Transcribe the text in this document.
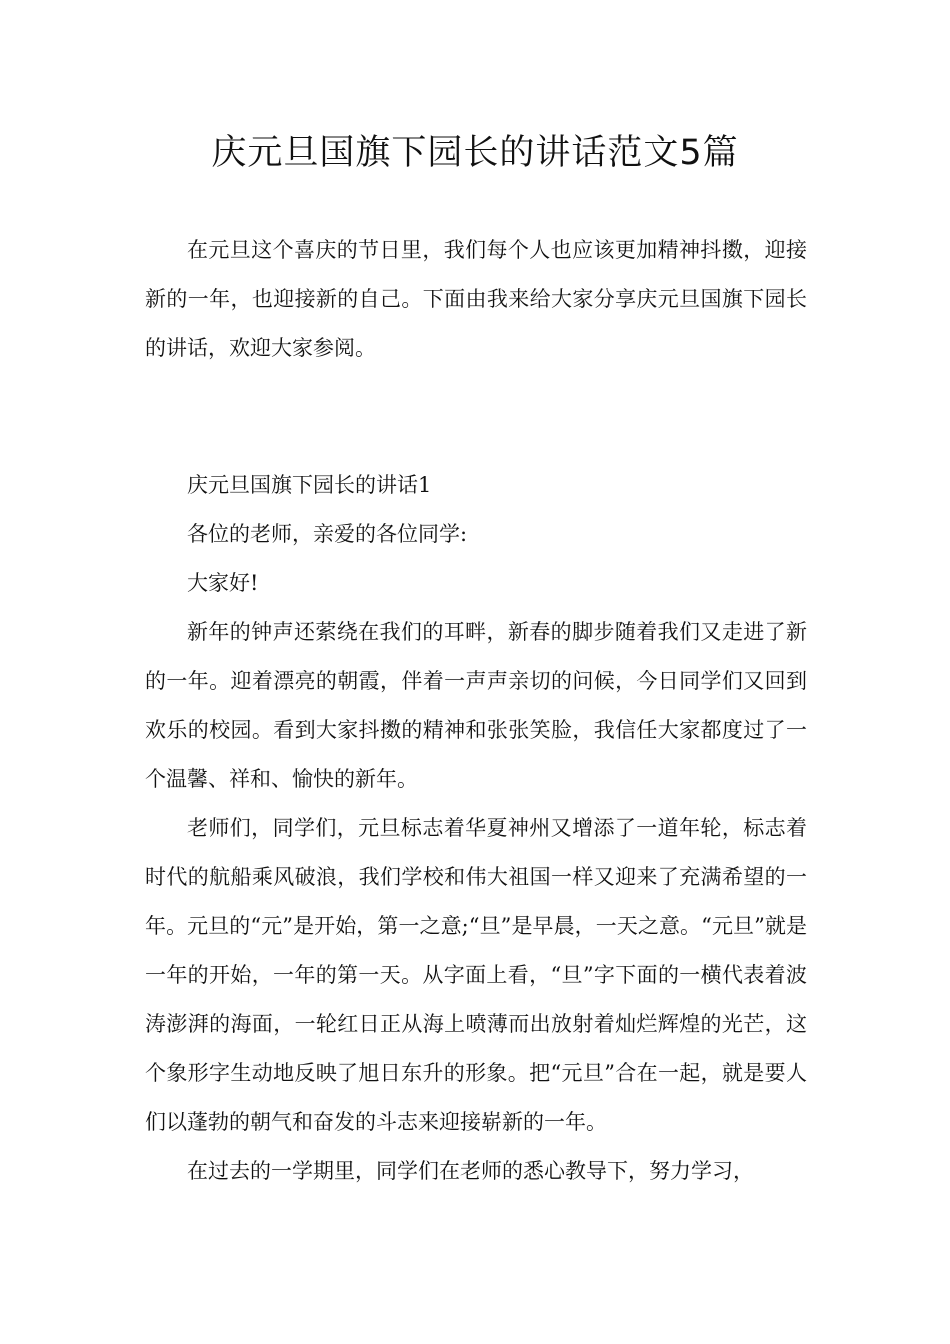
庆元旦国旗下园长的讲话范文5篇

在元旦这个喜庆的节日里，我们每个人也应该更加精神抖擞，迎接新的一年，也迎接新的自己。下面由我来给大家分享庆元旦国旗下园长的讲话，欢迎大家参阅。

庆元旦国旗下园长的讲话1

各位的老师，亲爱的各位同学:

大家好!

新年的钟声还萦绕在我们的耳畔，新春的脚步随着我们又走进了新的一年。迎着漂亮的朝霞，伴着一声声亲切的问候，今日同学们又回到欢乐的校园。看到大家抖擞的精神和张张笑脸，我信任大家都度过了一个温馨、祥和、愉快的新年。

老师们，同学们，元旦标志着华夏神州又增添了一道年轮，标志着时代的航船乘风破浪，我们学校和伟大祖国一样又迎来了充满希望的一年。元旦的“元”是开始，第一之意;“旦”是早晨，一天之意。“元旦”就是一年的开始，一年的第一天。从字面上看，“旦”字下面的一横代表着波涛澎湃的海面，一轮红日正从海上喷薄而出放射着灿烂辉煌的光芒，这个象形字生动地反映了旭日东升的形象。把“元旦”合在一起，就是要人们以蓬勃的朝气和奋发的斗志来迎接崭新的一年。

在过去的一学期里，同学们在老师的悉心教导下，努力学习，
